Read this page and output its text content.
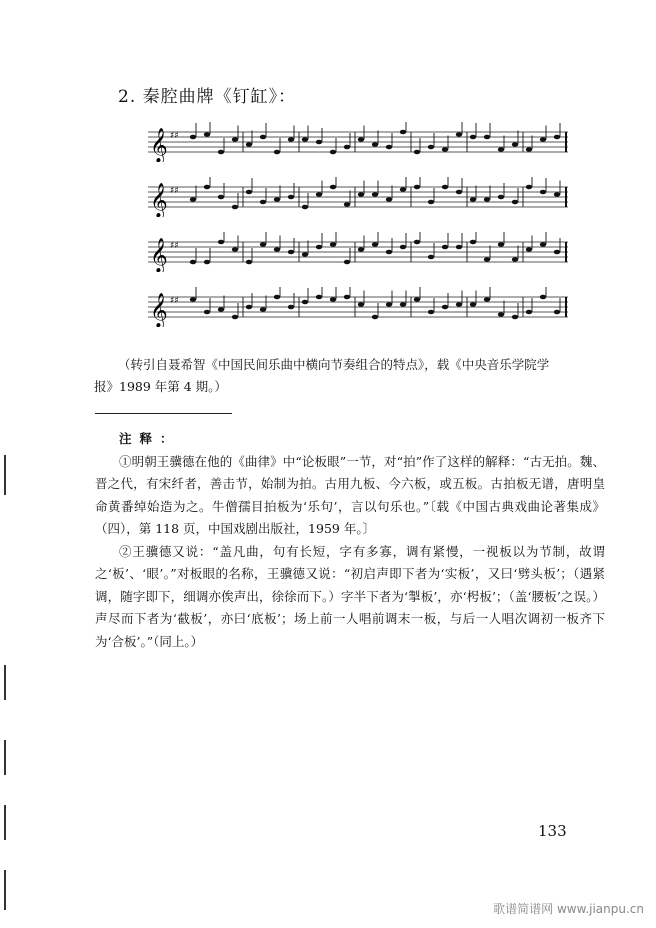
2. 秦腔曲牌《钉缸》：
𝄞 ♯♯
𝄞 ♯♯
𝄞 ♯♯
𝄞 ♯♯
（转引自聂希智《中国民间乐曲中横向节奏组合的特点》，载《中央音乐学院学
报》1989 年第 4 期。）
注释：

①明朝王骥德在他的《曲律》中“论板眼”一节，对“拍”作了这样的解释：“古无拍。魏、晋之代，有宋纤者，善击节，始制为拍。古用九板、今六板，或五板。古拍板无谱，唐明皇命黄番绰始造为之。牛僧孺目拍板为‘乐句’，言以句乐也。”〔载《中国古典戏曲论著集成》（四），第 118 页，中国戏剧出版社，1959 年。〕

②王骥德又说：“盖凡曲，句有长短，字有多寡，调有紧慢，一视板以为节制，故谓之‘板’、‘眼’。”对板眼的名称，王骥德又说：“初启声即下者为‘实板’，又曰‘劈头板’；（遇紧调，随字即下，细调亦俟声出，徐徐而下。）字半下者为‘掣板’，亦‘枵板’；（盖‘腰板’之误。）声尽而下者为‘截板’，亦曰‘底板’；场上前一人唱前调末一板，与后一人唱次调初一板齐下为‘合板’。”（同上。）

133
歌谱简谱网 www.jianpu.cn
